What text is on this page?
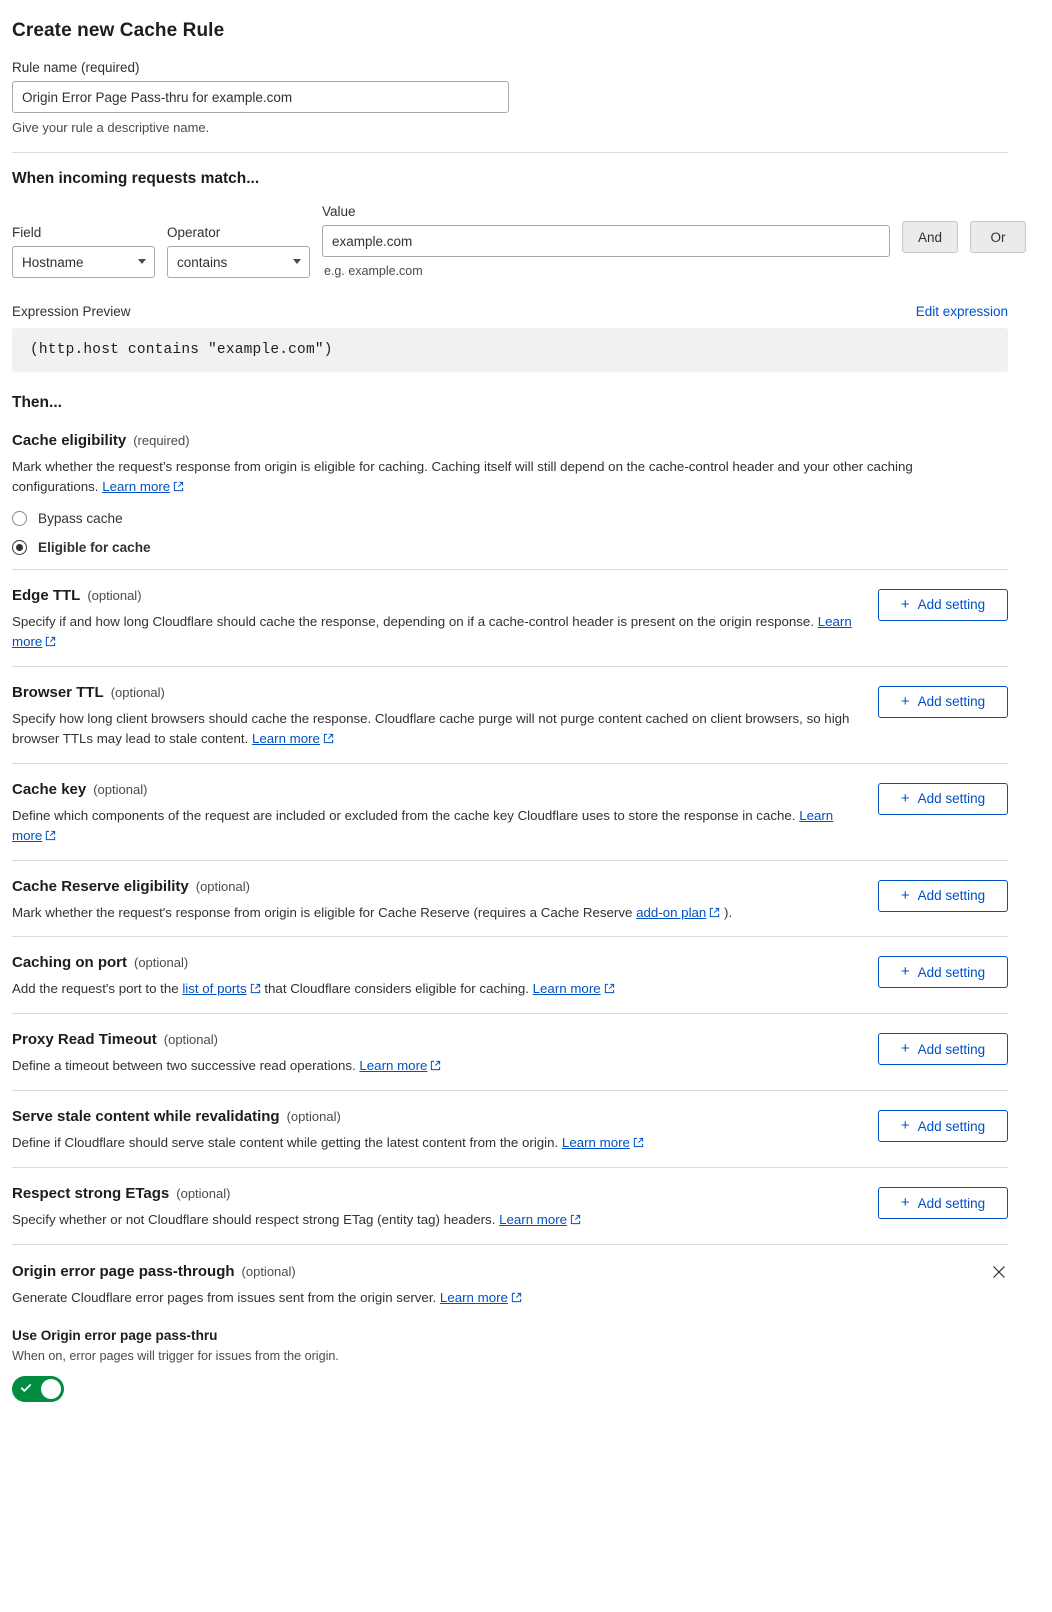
Create new Cache Rule
Rule name (required)
Origin Error Page Pass-thru for example.com
Give your rule a descriptive name.
When incoming requests match...
Field
Hostname
Operator
contains
Value
example.com
e.g. example.com
And	Or
Expression Preview	Edit expression
(http.host contains "example.com")
Then...
Cache eligibility (required)
Mark whether the request’s response from origin is eligible for caching. Caching itself will still depend on the cache-control header and your other caching configurations. Learn more
Bypass cache
Eligible for cache
Edge TTL (optional)
Specify if and how long Cloudflare should cache the response, depending on if a cache-control header is present on the origin response. Learn more
+ Add setting
Browser TTL (optional)
Specify how long client browsers should cache the response. Cloudflare cache purge will not purge content cached on client browsers, so high browser TTLs may lead to stale content. Learn more
+ Add setting
Cache key (optional)
Define which components of the request are included or excluded from the cache key Cloudflare uses to store the response in cache. Learn more
+ Add setting
Cache Reserve eligibility (optional)
Mark whether the request's response from origin is eligible for Cache Reserve (requires a Cache Reserve add-on plan
).
+ Add setting
Caching on port (optional)
Add the request's port to the list of ports
that Cloudflare considers eligible for caching. Learn more
+ Add setting
Proxy Read Timeout (optional)
Define a timeout between two successive read operations. Learn more
+ Add setting
Serve stale content while revalidating (optional)
Define if Cloudflare should serve stale content while getting the latest content from the origin. Learn more
+ Add setting
Respect strong ETags (optional)
Specify whether or not Cloudflare should respect strong ETag (entity tag) headers. Learn more
+ Add setting
Origin error page pass-through (optional)
Generate Cloudflare error pages from issues sent from the origin server. Learn more
Use Origin error page pass-thru
When on, error pages will trigger for issues from the origin.
